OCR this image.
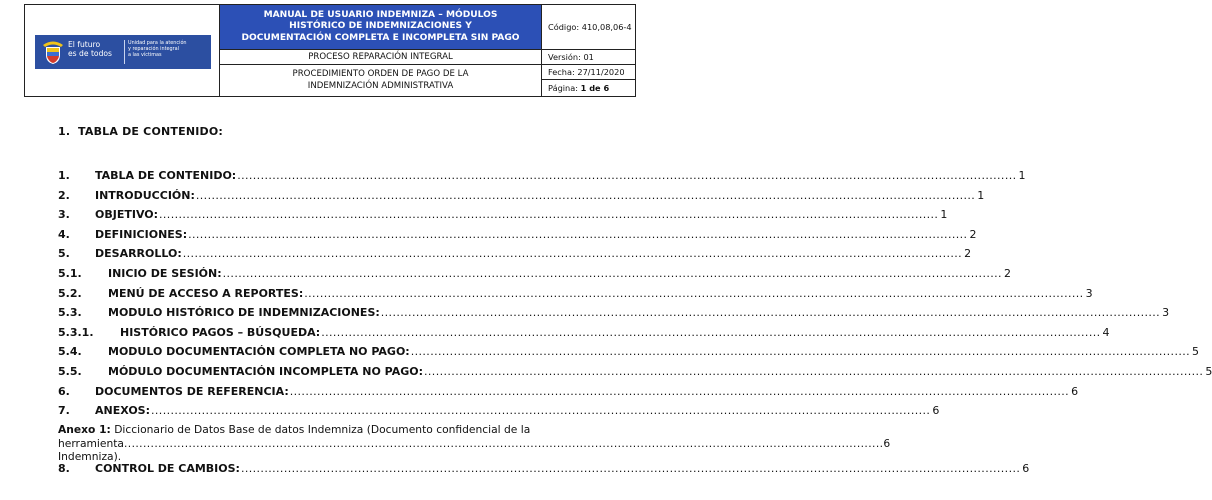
El futuro
es de todos
Unidad para la atención
y reparación integral
a las víctimas
MANUAL DE USUARIO INDEMNIZA – MÓDULOS
HISTÓRICO DE INDEMNIZACIONES Y
DOCUMENTACIÓN COMPLETA E INCOMPLETA SIN PAGO
Código: 410,08,06-4
PROCESO REPARACIÓN INTEGRAL	Versión: 01
PROCEDIMIENTO ORDEN DE PAGO DE LA
INDEMNIZACIÓN ADMINISTRATIVA
Fecha: 27/11/2020
Página: 1 de 6
1. TABLA DE CONTENIDO:
1. TABLA DE CONTENIDO: ........................................................................................................................................................................................................ 1
2. INTRODUCCIÓN: ........................................................................................................................................................................................................ 1
3. OBJETIVO: ........................................................................................................................................................................................................ 1
4. DEFINICIONES: ........................................................................................................................................................................................................ 2
5. DESARROLLO: ........................................................................................................................................................................................................ 2
5.1. INICIO DE SESIÓN: ........................................................................................................................................................................................................ 2
5.2. MENÚ DE ACCESO A REPORTES: ........................................................................................................................................................................................................ 3
5.3. MODULO HISTÓRICO DE INDEMNIZACIONES: ........................................................................................................................................................................................................ 3
5.3.1. HISTÓRICO PAGOS – BÚSQUEDA: ........................................................................................................................................................................................................ 4
5.4. MODULO DOCUMENTACIÓN COMPLETA NO PAGO: ........................................................................................................................................................................................................ 5
5.5. MÓDULO DOCUMENTACIÓN INCOMPLETA NO PAGO: ........................................................................................................................................................................................................ 5
6. DOCUMENTOS DE REFERENCIA: ........................................................................................................................................................................................................ 6
7. ANEXOS: ........................................................................................................................................................................................................ 6
Anexo 1: Diccionario de Datos Base de datos Indemniza (Documento confidencial de la
herramienta Indemniza).
........................................................................................................................................................................................................ 6
8. CONTROL DE CAMBIOS: ........................................................................................................................................................................................................ 6
